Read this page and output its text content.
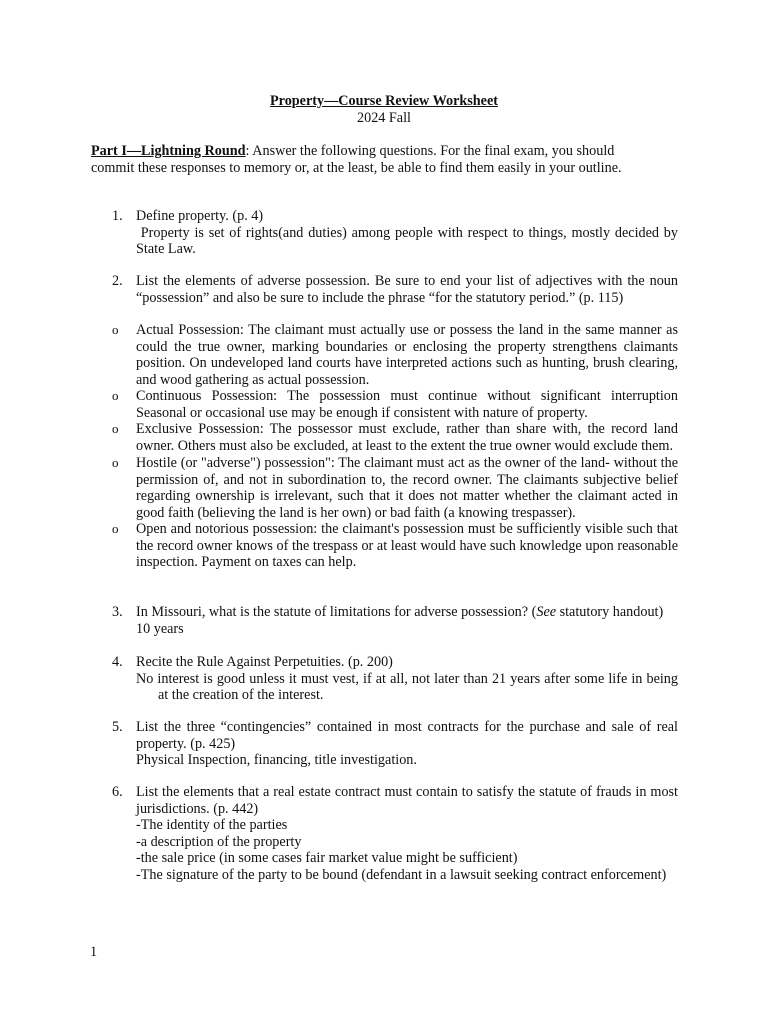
Property—Course Review Worksheet
2024 Fall
Part I—Lightning Round: Answer the following questions. For the final exam, you should commit these responses to memory or, at the least, be able to find them easily in your outline.
1. Define property. (p. 4)

Property is set of rights(and duties) among people with respect to things, mostly decided by State Law.

2. List the elements of adverse possession. Be sure to end your list of adjectives with the noun “possession” and also be sure to include the phrase “for the statutory period.” (p. 115)

o Actual Possession: The claimant must actually use or possess the land in the same manner as could the true owner, marking boundaries or enclosing the property strengthens claimants position. On undeveloped land courts have interpreted actions such as hunting, brush clearing, and wood gathering as actual possession.
o Continuous Possession: The possession must continue without significant interruption Seasonal or occasional use may be enough if consistent with nature of property.
o Exclusive Possession: The possessor must exclude, rather than share with, the record land owner. Others must also be excluded, at least to the extent the true owner would exclude them.
o Hostile (or "adverse") possession": The claimant must act as the owner of the land- without the permission of, and not in subordination to, the record owner. The claimants subjective belief regarding ownership is irrelevant, such that it does not matter whether the claimant acted in good faith (believing the land is her own) or bad faith (a knowing trespasser).
o Open and notorious possession: the claimant's possession must be sufficiently visible such that the record owner knows of the trespass or at least would have such knowledge upon reasonable inspection. Payment on taxes can help.
3. In Missouri, what is the statute of limitations for adverse possession? (See statutory handout)

10 years

4. Recite the Rule Against Perpetuities. (p. 200)

No interest is good unless it must vest, if at all, not later than 21 years after some life in being at the creation of the interest.

5. List the three “contingencies” contained in most contracts for the purchase and sale of real property. (p. 425)

Physical Inspection, financing, title investigation.

6. List the elements that a real estate contract must contain to satisfy the statute of frauds in most jurisdictions. (p. 442)

-The identity of the parties

-a description of the property

-the sale price (in some cases fair market value might be sufficient)

-The signature of the party to be bound (defendant in a lawsuit seeking contract enforcement)

1
